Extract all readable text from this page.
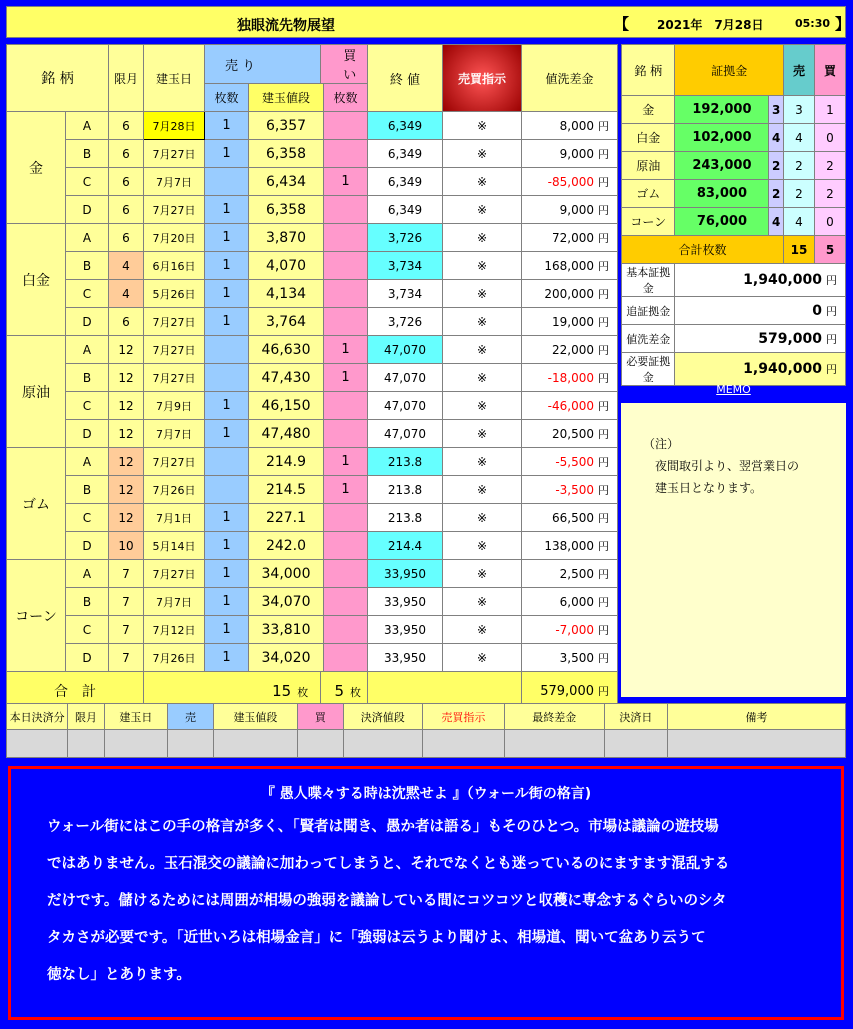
独眼流先物展望	【 2021年　7月28日	05:30 】
銘 柄		限月	建玉日	売 り		買 い		終 値	売買指示	値洗差金
				枚数	建玉値段		枚数			
金	A	6	7月28日	1	6,357			6,349	※	8,000 円
	B	6	7月27日	1	6,358			6,349	※	9,000 円
	C	6	7月7日		6,434		1	6,349	※	-85,000 円
	D	6	7月27日	1	6,358			6,349	※	9,000 円
白金	A	6	7月20日	1	3,870			3,726	※	72,000 円
	B	4	6月16日	1	4,070			3,734	※	168,000 円
	C	4	5月26日	1	4,134			3,734	※	200,000 円
	D	6	7月27日	1	3,764			3,726	※	19,000 円
原油	A	12	7月27日		46,630		1	47,070	※	22,000 円
	B	12	7月27日		47,430		1	47,070	※	-18,000 円
	C	12	7月9日	1	46,150			47,070	※	-46,000 円
	D	12	7月7日	1	47,480			47,070	※	20,500 円
ゴム	A	12	7月27日		214.9		1	213.8	※	-5,500 円
	B	12	7月26日		214.5		1	213.8	※	-3,500 円
	C	12	7月1日	1	227.1			213.8	※	66,500 円
	D	10	5月14日	1	242.0			214.4	※	138,000 円
コーン	A	7	7月27日	1	34,000			33,950	※	2,500 円
	B	7	7月7日	1	34,070			33,950	※	6,000 円
	C	7	7月12日	1	33,810			33,950	※	-7,000 円
	D	7	7月26日	1	34,020			33,950	※	3,500 円
合　計			15 枚			5 枚				579,000 円
銘 柄	証拠金		売	買
金	192,000	3	3	1
白金	102,000	4	4	0
原油	243,000	2	2	2
ゴム	83,000	2	2	2
コーン	76,000	4	4	0
合計枚数			15	5
基本証拠金	1,940,000 円			
追証拠金	0 円			
値洗差金	579,000 円			
必要証拠金	1,940,000 円			
MEMO
（注）
　夜間取引より、翌営業日の
　建玉日となります。
本日決済分	限月	建玉日	売	建玉値段	買	決済値段	売買指示	最終差金	決済日	備考

『 愚人喋々する時は沈黙せよ 』（ウォール街の格言)
ウォール街にはこの手の格言が多く、「賢者は聞き、愚か者は語る」もそのひとつ。市場は議論の遊技場
ではありません。玉石混交の議論に加わってしまうと、それでなくとも迷っているのにますます混乱する
だけです。儲けるためには周囲が相場の強弱を議論している間にコツコツと収穫に専念するぐらいのシタ
タカさが必要です。「近世いろは相場金言」に「強弱は云うより聞けよ、相場道、聞いて盆あり云うて
徳なし」とあります。
